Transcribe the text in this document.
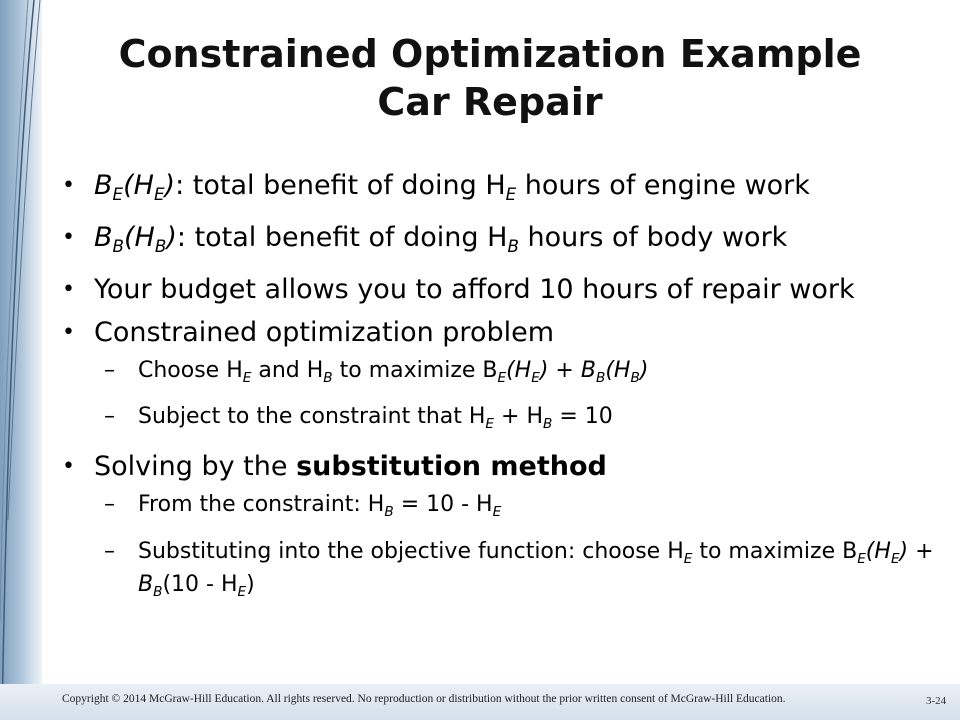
Constrained Optimization Example
Car Repair
• $B_E(H_E)$: total benefit of doing $H_E$ hours of engine work
• $B_B(H_B)$: total benefit of doing $H_B$ hours of body work
• Your budget allows you to afford 10 hours of repair work
• Constrained optimization problem
– Choose $H_E$ and $H_B$ to maximize $B_E(H_E) + B_B(H_B)$
– Subject to the constraint that $H_E + H_B = 10$
• Solving by the substitution method
– From the constraint: $H_B = 10 - H_E$
– Substituting into the objective function: choose $H_E$ to maximize $B_E(H_E) + B_B(10 - H_E)$
Copyright © 2014 McGraw-Hill Education. All rights reserved. No reproduction or distribution without the prior written consent of McGraw-Hill Education.	3-24
